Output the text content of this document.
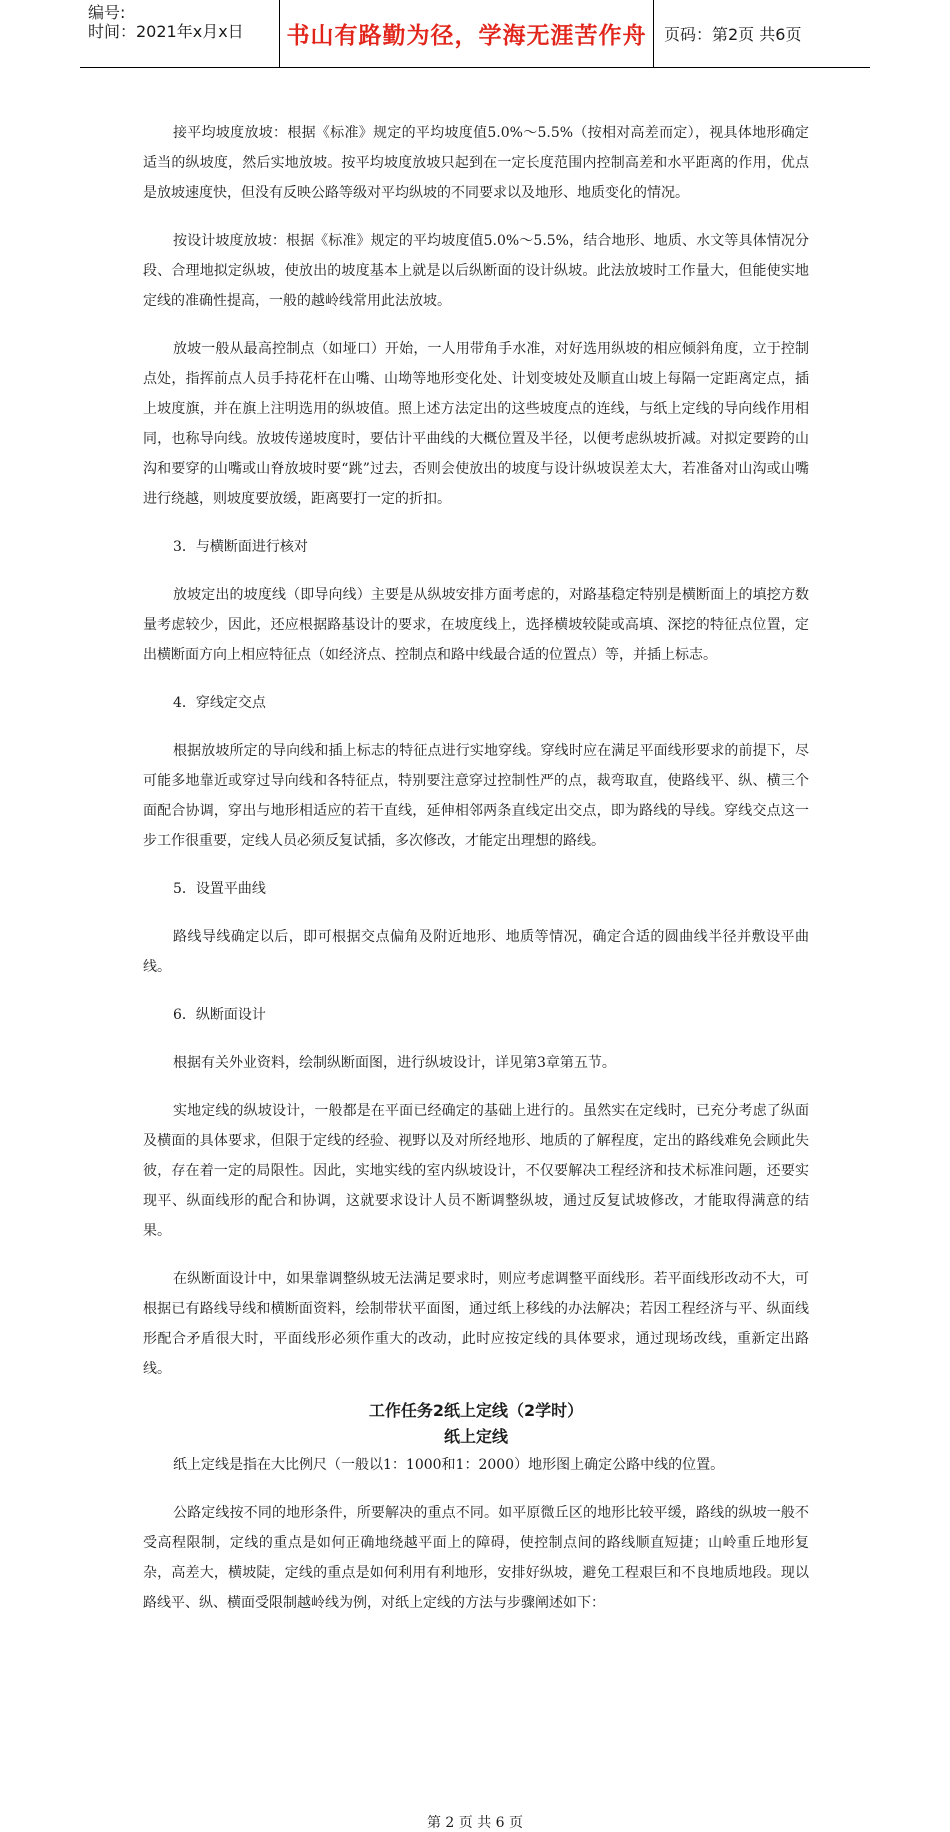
编号:
时间：2021年x月x日	书山有路勤为径，学海无涯苦作舟 页码：第2页 共6页

接平均坡度放坡：根据《标准》规定的平均坡度值5.0%～5.5%（按相对高差而定），视具体地形确定适当的纵坡度，然后实地放坡。按平均坡度放坡只起到在一定长度范围内控制高差和水平距离的作用，优点是放坡速度快，但没有反映公路等级对平均纵坡的不同要求以及地形、地质变化的情况。

按设计坡度放坡：根据《标准》规定的平均坡度值5.0%～5.5%，结合地形、地质、水文等具体情况分段、合理地拟定纵坡，使放出的坡度基本上就是以后纵断面的设计纵坡。此法放坡时工作量大，但能使实地定线的准确性提高，一般的越岭线常用此法放坡。

放坡一般从最高控制点（如垭口）开始，一人用带角手水准，对好选用纵坡的相应倾斜角度，立于控制点处，指挥前点人员手持花杆在山嘴、山坳等地形变化处、计划变坡处及顺直山坡上每隔一定距离定点，插上坡度旗，并在旗上注明选用的纵坡值。照上述方法定出的这些坡度点的连线，与纸上定线的导向线作用相同，也称导向线。放坡传递坡度时，要估计平曲线的大概位置及半径，以便考虑纵坡折减。对拟定要跨的山沟和要穿的山嘴或山脊放坡时要“跳”过去，否则会使放出的坡度与设计纵坡误差太大，若准备对山沟或山嘴进行绕越，则坡度要放缓，距离要打一定的折扣。

3．与横断面进行核对

放坡定出的坡度线（即导向线）主要是从纵坡安排方面考虑的，对路基稳定特别是横断面上的填挖方数量考虑较少，因此，还应根据路基设计的要求，在坡度线上，选择横坡较陡或高填、深挖的特征点位置，定出横断面方向上相应特征点（如经济点、控制点和路中线最合适的位置点）等，并插上标志。

4．穿线定交点

根据放坡所定的导向线和插上标志的特征点进行实地穿线。穿线时应在满足平面线形要求的前提下，尽可能多地靠近或穿过导向线和各特征点，特别要注意穿过控制性严的点，裁弯取直，使路线平、纵、横三个面配合协调，穿出与地形相适应的若干直线，延伸相邻两条直线定出交点，即为路线的导线。穿线交点这一步工作很重要，定线人员必须反复试插，多次修改，才能定出理想的路线。

5．设置平曲线

路线导线确定以后，即可根据交点偏角及附近地形、地质等情况，确定合适的圆曲线半径并敷设平曲线。

6．纵断面设计

根据有关外业资料，绘制纵断面图，进行纵坡设计，详见第3章第五节。

实地定线的纵坡设计，一般都是在平面已经确定的基础上进行的。虽然实在定线时，已充分考虑了纵面及横面的具体要求，但限于定线的经验、视野以及对所经地形、地质的了解程度，定出的路线难免会顾此失彼，存在着一定的局限性。因此，实地实线的室内纵坡设计，不仅要解决工程经济和技术标准问题，还要实现平、纵面线形的配合和协调，这就要求设计人员不断调整纵坡，通过反复试坡修改，才能取得满意的结果。

在纵断面设计中，如果靠调整纵坡无法满足要求时，则应考虑调整平面线形。若平面线形改动不大，可根据已有路线导线和横断面资料，绘制带状平面图，通过纸上移线的办法解决；若因工程经济与平、纵面线形配合矛盾很大时，平面线形必须作重大的改动，此时应按定线的具体要求，通过现场改线，重新定出路线。

工作任务2纸上定线（2学时）

纸上定线

纸上定线是指在大比例尺（一般以1：1000和1：2000）地形图上确定公路中线的位置。

公路定线按不同的地形条件，所要解决的重点不同。如平原微丘区的地形比较平缓，路线的纵坡一般不受高程限制，定线的重点是如何正确地绕越平面上的障碍，使控制点间的路线顺直短捷；山岭重丘地形复杂，高差大，横坡陡，定线的重点是如何利用有利地形，安排好纵坡，避免工程艰巨和不良地质地段。现以路线平、纵、横面受限制越岭线为例，对纸上定线的方法与步骤阐述如下：

第 2 页 共 6 页
